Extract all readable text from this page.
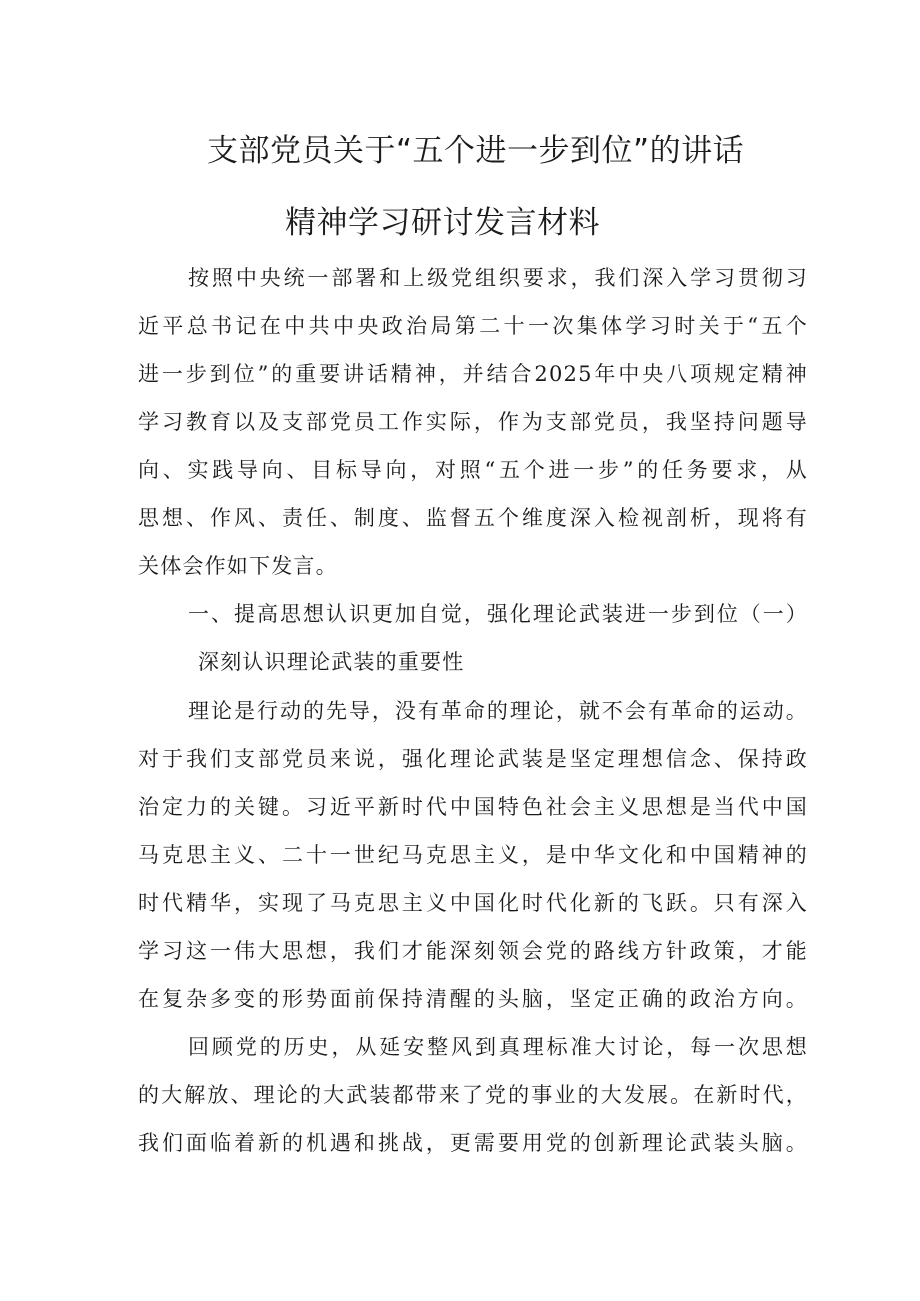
支部党员关于“五个进一步到位”的讲话
精神学习研讨发言材料
按照中央统一部署和上级党组织要求，我们深入学习贯彻习
近平总书记在中共中央政治局第二十一次集体学习时关于“五个
进一步到位”的重要讲话精神，并结合2025年中央八项规定精神
学习教育以及支部党员工作实际，作为支部党员，我坚持问题导
向、实践导向、目标导向，对照“五个进一步”的任务要求，从
思想、作风、责任、制度、监督五个维度深入检视剖析，现将有
关体会作如下发言。
一、提高思想认识更加自觉，强化理论武装进一步到位（一）
深刻认识理论武装的重要性
理论是行动的先导，没有革命的理论，就不会有革命的运动。
对于我们支部党员来说，强化理论武装是坚定理想信念、保持政
治定力的关键。习近平新时代中国特色社会主义思想是当代中国
马克思主义、二十一世纪马克思主义，是中华文化和中国精神的
时代精华，实现了马克思主义中国化时代化新的飞跃。只有深入
学习这一伟大思想，我们才能深刻领会党的路线方针政策，才能
在复杂多变的形势面前保持清醒的头脑，坚定正确的政治方向。
回顾党的历史，从延安整风到真理标准大讨论，每一次思想
的大解放、理论的大武装都带来了党的事业的大发展。在新时代，
我们面临着新的机遇和挑战，更需要用党的创新理论武装头脑。
